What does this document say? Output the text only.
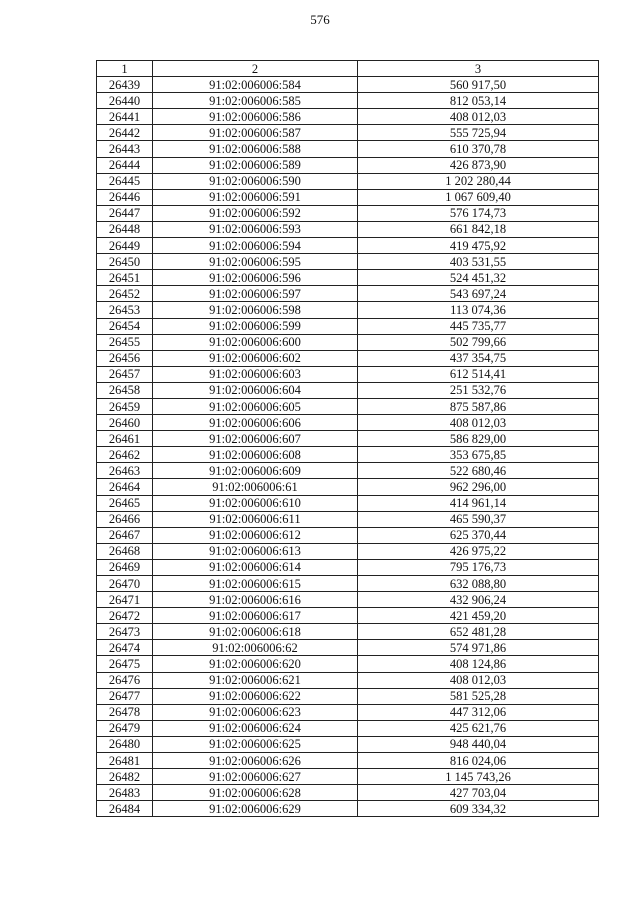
576
1	2	3
26439	91:02:006006:584	560 917,50
26440	91:02:006006:585	812 053,14
26441	91:02:006006:586	408 012,03
26442	91:02:006006:587	555 725,94
26443	91:02:006006:588	610 370,78
26444	91:02:006006:589	426 873,90
26445	91:02:006006:590	1 202 280,44
26446	91:02:006006:591	1 067 609,40
26447	91:02:006006:592	576 174,73
26448	91:02:006006:593	661 842,18
26449	91:02:006006:594	419 475,92
26450	91:02:006006:595	403 531,55
26451	91:02:006006:596	524 451,32
26452	91:02:006006:597	543 697,24
26453	91:02:006006:598	113 074,36
26454	91:02:006006:599	445 735,77
26455	91:02:006006:600	502 799,66
26456	91:02:006006:602	437 354,75
26457	91:02:006006:603	612 514,41
26458	91:02:006006:604	251 532,76
26459	91:02:006006:605	875 587,86
26460	91:02:006006:606	408 012,03
26461	91:02:006006:607	586 829,00
26462	91:02:006006:608	353 675,85
26463	91:02:006006:609	522 680,46
26464	91:02:006006:61	962 296,00
26465	91:02:006006:610	414 961,14
26466	91:02:006006:611	465 590,37
26467	91:02:006006:612	625 370,44
26468	91:02:006006:613	426 975,22
26469	91:02:006006:614	795 176,73
26470	91:02:006006:615	632 088,80
26471	91:02:006006:616	432 906,24
26472	91:02:006006:617	421 459,20
26473	91:02:006006:618	652 481,28
26474	91:02:006006:62	574 971,86
26475	91:02:006006:620	408 124,86
26476	91:02:006006:621	408 012,03
26477	91:02:006006:622	581 525,28
26478	91:02:006006:623	447 312,06
26479	91:02:006006:624	425 621,76
26480	91:02:006006:625	948 440,04
26481	91:02:006006:626	816 024,06
26482	91:02:006006:627	1 145 743,26
26483	91:02:006006:628	427 703,04
26484	91:02:006006:629	609 334,32
